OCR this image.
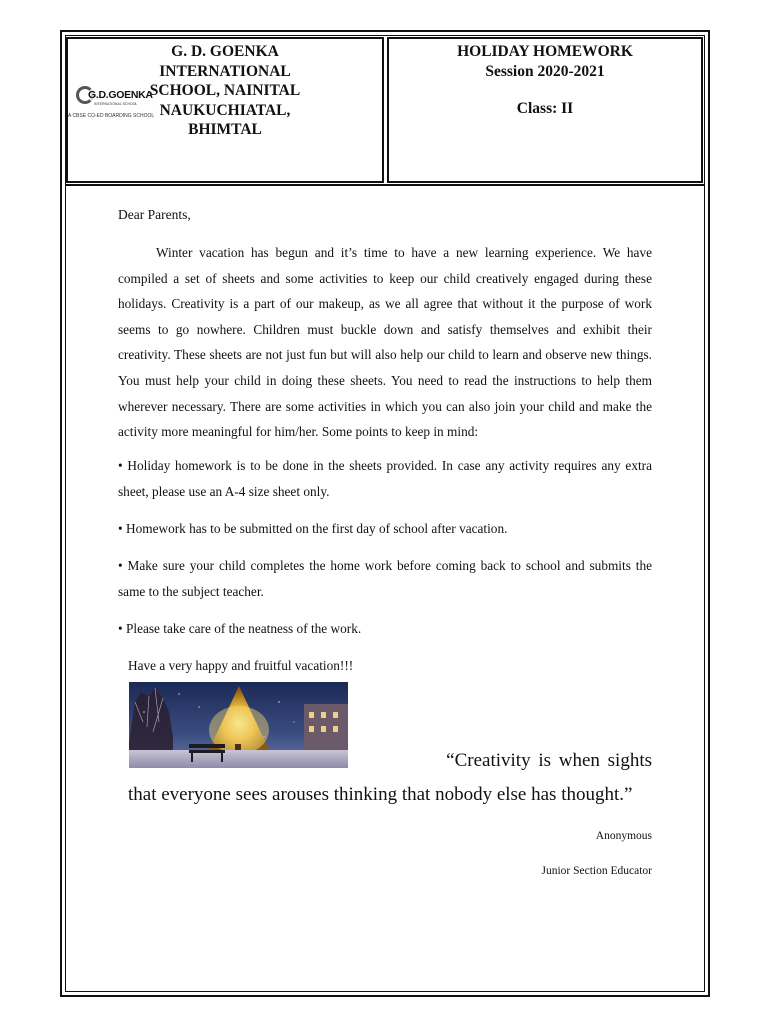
G.D.GOENKA
INTERNATIONAL SCHOOL
A CBSE CO-ED BOARDING SCHOOL
G. D. GOENKA
INTERNATIONAL
SCHOOL, NAINITAL
NAUKUCHIATAL,
BHIMTAL
HOLIDAY HOMEWORK
Session 2020-2021
Class: II
Dear Parents,

Winter vacation has begun and it’s time to have a new learning experience. We have compiled a set of sheets and some activities to keep our child creatively engaged during these holidays. Creativity is a part of our makeup, as we all agree that without it the purpose of work seems to go nowhere. Children must buckle down and satisfy themselves and exhibit their creativity. These sheets are not just fun but will also help our child to learn and observe new things. You must help your child in doing these sheets. You need to read the instructions to help them wherever necessary. There are some activities in which you can also join your child and make the activity more meaningful for him/her. Some points to keep in mind:

• Holiday homework is to be done in the sheets provided. In case any activity requires any extra sheet, please use an A-4 size sheet only.

• Homework has to be submitted on the first day of school after vacation.

• Make sure your child completes the home work before coming back to school and submits the same to the subject teacher.

• Please take care of the neatness of the work.

Have a very happy and fruitful vacation!!!
“Creativity is when sights
that everyone sees arouses thinking that nobody else has thought.”
Anonymous
Junior Section Educator
